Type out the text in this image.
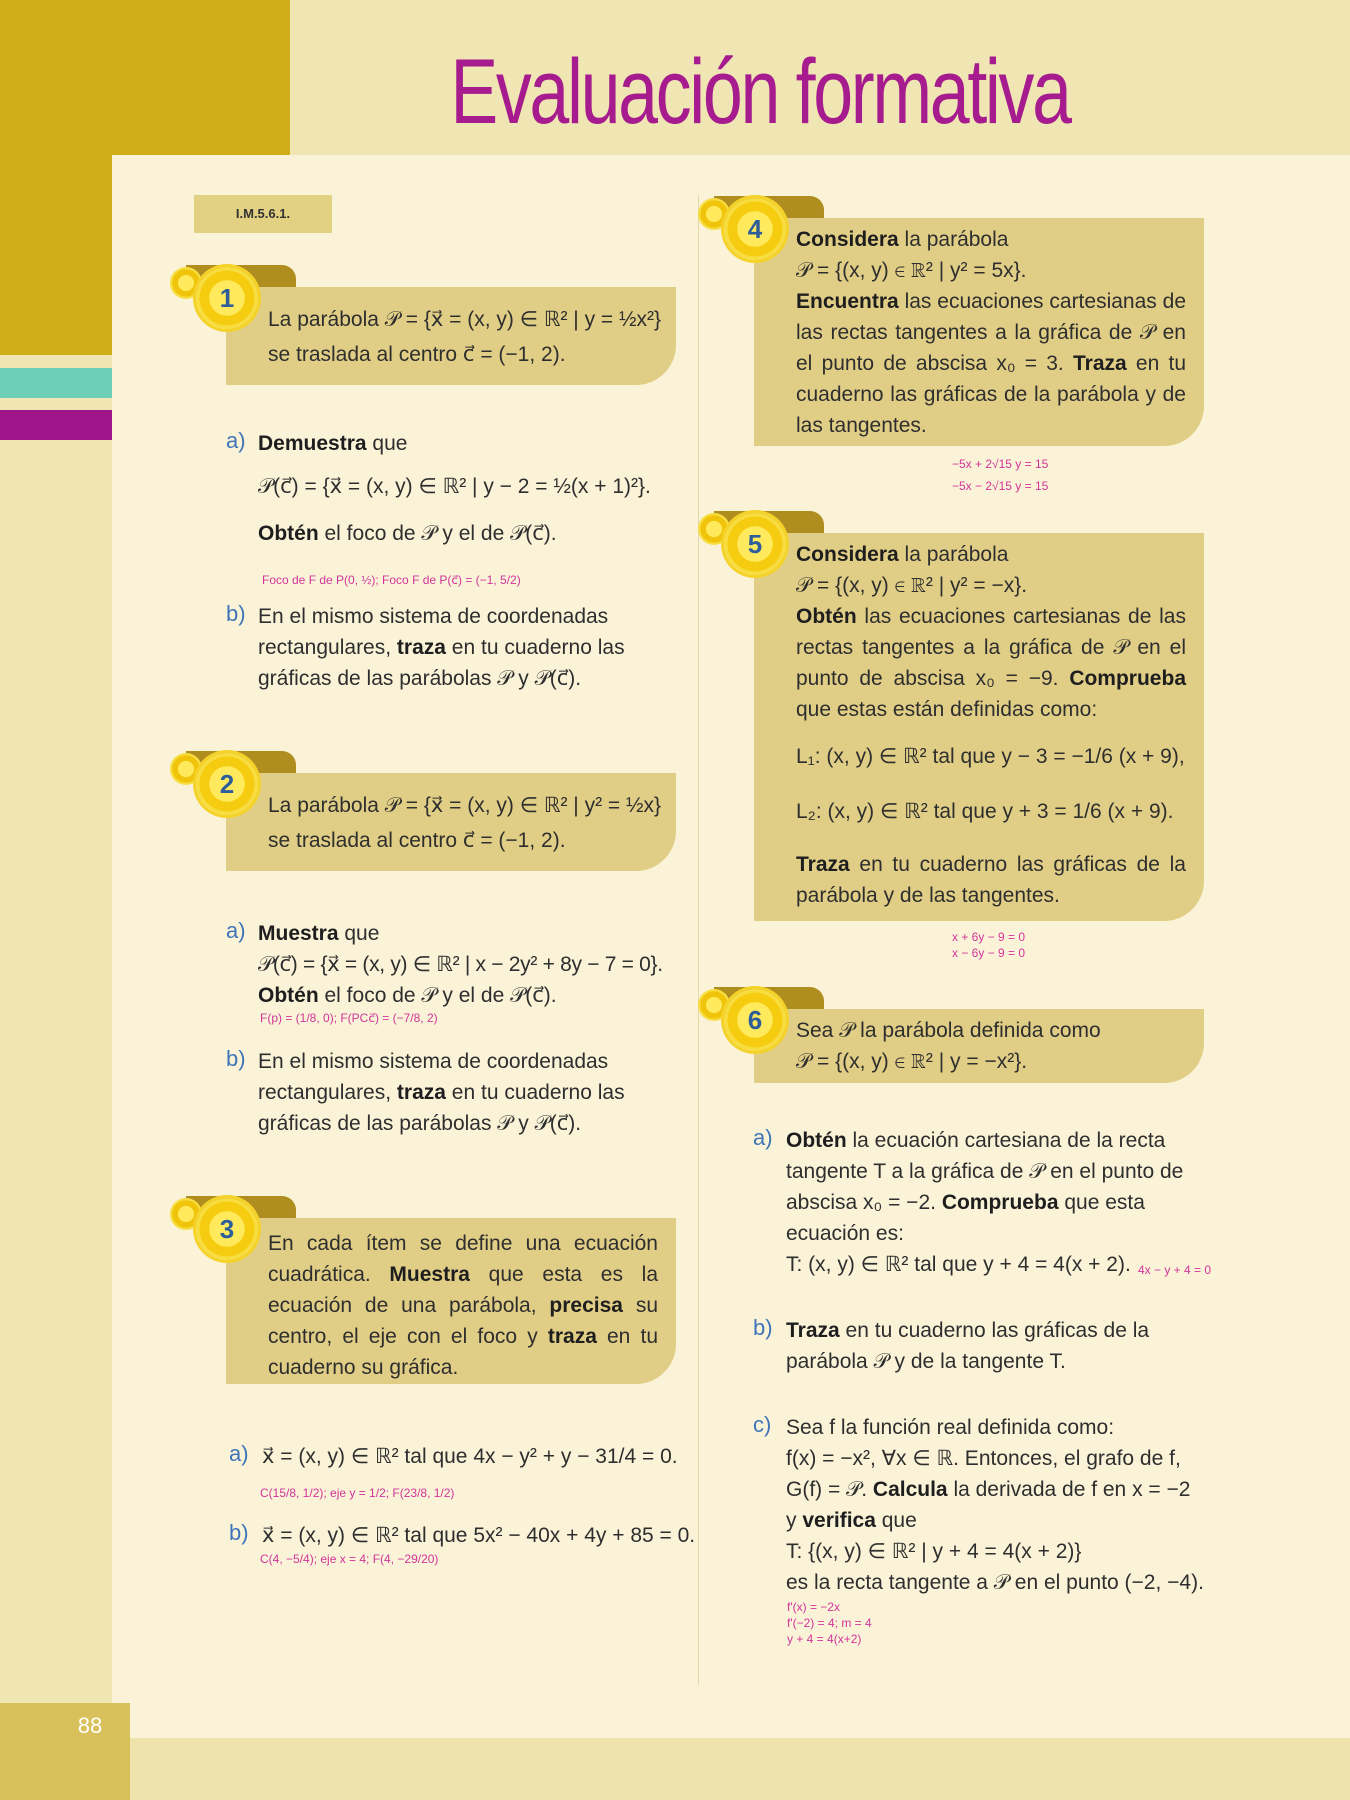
88
Evaluación formativa
I.M.5.6.1.

La parábola 𝒫 = {x⃗ = (x, y) ∈ ℝ² | y = ½x²}

se traslada al centro c⃗ = (−1, 2).

1
a) Demuestra que

𝒫(c⃗) = {x⃗ = (x, y) ∈ ℝ² | y − 2 = ½(x + 1)²}.

Obtén el foco de 𝒫 y el de 𝒫(c⃗).

Foco de F de P(0, ½); Foco F de P(c⃗) = (−1, 5/2)
b) En el mismo sistema de coordenadas

rectangulares, traza en tu cuaderno las

gráficas de las parábolas 𝒫 y 𝒫(c⃗).

La parábola 𝒫 = {x⃗ = (x, y) ∈ ℝ² | y² = ½x}

se traslada al centro c⃗ = (−1, 2).

2
a) Muestra que

𝒫(c⃗) = {x⃗ = (x, y) ∈ ℝ² | x − 2y² + 8y − 7 = 0}.

Obtén el foco de 𝒫 y el de 𝒫(c⃗).

F(p) = (1/8, 0); F(PCc⃗) = (−7/8, 2)
b) En el mismo sistema de coordenadas

rectangulares, traza en tu cuaderno las

gráficas de las parábolas 𝒫 y 𝒫(c⃗).

En cada ítem se define una ecuación cuadrática. Muestra que esta es la ecuación de una parábola, precisa su centro, el eje con el foco y traza en tu cuaderno su gráfica.

3
a) x⃗ = (x, y) ∈ ℝ² tal que 4x − y² + y − 31/4 = 0.
C(15/8, 1/2); eje y = 1/2; F(23/8, 1/2)
b) x⃗ = (x, y) ∈ ℝ² tal que 5x² − 40x + 4y + 85 = 0.
C(4, −5/4); eje x = 4; F(4, −29/20)

Considera la parábola

𝒫 = {(x, y) ∈ ℝ² | y² = 5x}.

Encuentra las ecuaciones cartesianas de las rectas tangentes a la gráfica de 𝒫 en el punto de abscisa x₀ = 3. Traza en tu cuaderno las gráficas de la parábola y de las tangentes.

4

−5x + 2√15 y = 15

−5x − 2√15 y = 15

Considera la parábola

𝒫 = {(x, y) ∈ ℝ² | y² = −x}.

Obtén las ecuaciones cartesianas de las rectas tangentes a la gráfica de 𝒫 en el punto de abscisa x₀ = −9. Comprueba que estas están definidas como:

L₁: (x, y) ∈ ℝ² tal que y − 3 = −1/6 (x + 9),

L₂: (x, y) ∈ ℝ² tal que y + 3 = 1/6 (x + 9).

Traza en tu cuaderno las gráficas de la parábola y de las tangentes.

5

x + 6y − 9 = 0

x − 6y − 9 = 0

Sea 𝒫 la parábola definida como

𝒫 = {(x, y) ∈ ℝ² | y = −x²}.

6
a) Obtén la ecuación cartesiana de la recta tangente T a la gráfica de 𝒫 en el punto de abscisa x₀ = −2. Comprueba que esta ecuación es:

T: (x, y) ∈ ℝ² tal que y + 4 = 4(x + 2). 4x − y + 4 = 0
b) Traza en tu cuaderno las gráficas de la parábola 𝒫 y de la tangente T.

c) Sea f la función real definida como:

f(x) = −x², ∀x ∈ ℝ. Entonces, el grafo de f,

G(f) = 𝒫. Calcula la derivada de f en x = −2

y verifica que

T: {(x, y) ∈ ℝ² | y + 4 = 4(x + 2)}

es la recta tangente a 𝒫 en el punto (−2, −4).

f'(x) = −2x

f'(−2) = 4; m = 4

y + 4 = 4(x+2)
